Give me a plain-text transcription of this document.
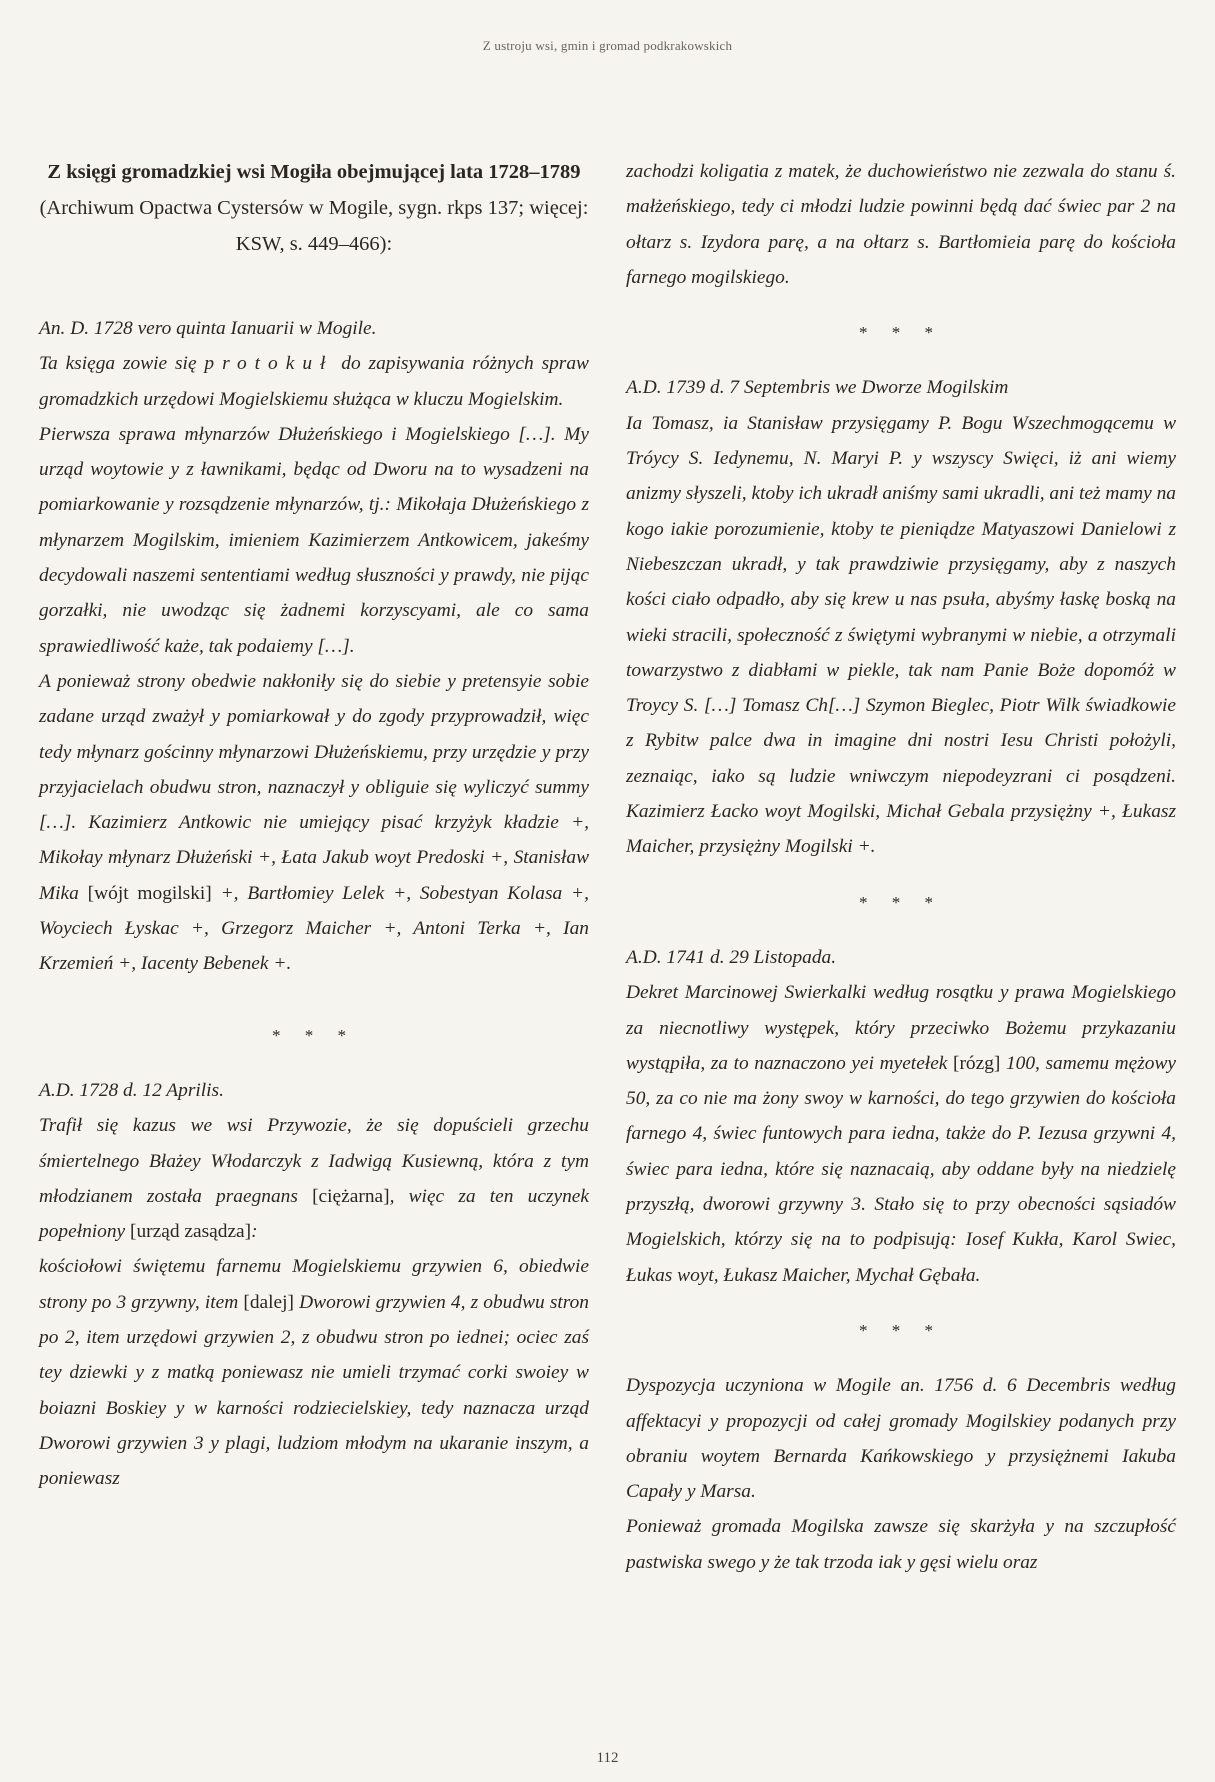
Z ustroju wsi, gmin i gromad podkrakowskich

Z księgi gromadzkiej wsi Mogiła obejmującej lata 1728–1789 (Archiwum Opactwa Cystersów w Mogile, sygn. rkps 137; więcej: KSW, s. 449–466):

An. D. 1728 vero quinta Ianuarii w Mogile.

Ta księga zowie się protokuł do zapisywania różnych spraw gromadzkich urzędowi Mogielskiemu służąca w kluczu Mogielskim.

Pierwsza sprawa młynarzów Dłużeńskiego i Mogielskiego […]. My urząd woytowie y z ławnikami, będąc od Dworu na to wysadzeni na pomiarkowanie y rozsądzenie młynarzów, tj.: Mikołaja Dłużeńskiego z młynarzem Mogilskim, imieniem Kazimierzem Antkowicem, jakeśmy decydowali naszemi sententiami według słuszności y prawdy, nie pijąc gorzałki, nie uwodząc się żadnemi korzyscyami, ale co sama sprawiedliwość każe, tak podaiemy […].

A ponieważ strony obedwie nakłoniły się do siebie y pretensyie sobie zadane urząd zważył y pomiarkował y do zgody przyprowadził, więc tedy młynarz gościnny młynarzowi Dłużeńskiemu, przy urzędzie y przy przyjacielach obudwu stron, naznaczył y obliguie się wyliczyć summy […]. Kazimierz Antkowic nie umiejący pisać krzyżyk kładzie +, Mikołay młynarz Dłużeński +, Łata Jakub woyt Predoski +, Stanisław Mika [wójt mogilski] +, Bartłomiey Lelek +, Sobestyan Kolasa +, Woyciech Łyskac +, Grzegorz Maicher +, Antoni Terka +, Ian Krzemień +, Iacenty Bebenek +.

* * *

A.D. 1728 d. 12 Aprilis.

Trafił się kazus we wsi Przywozie, że się dopuścieli grzechu śmiertelnego Błażey Włodarczyk z Iadwigą Kusiewną, która z tym młodzianem została praegnans [ciężarna], więc za ten uczynek popełniony [urząd zasądza]:

kościołowi świętemu farnemu Mogielskiemu grzywien 6, obiedwie strony po 3 grzywny, item [dalej] Dworowi grzywien 4, z obudwu stron po 2, item urzędowi grzywien 2, z obudwu stron po iednei; ociec zaś tey dziewki y z matką poniewasz nie umieli trzymać corki swoiey w boiazni Boskiey y w karności rodziecielskiey, tedy naznacza urząd Dworowi grzywien 3 y plagi, ludziom młodym na ukaranie inszym, a poniewasz

zachodzi koligatia z matek, że duchowieństwo nie zezwala do stanu ś. małżeńskiego, tedy ci młodzi ludzie powinni będą dać świec par 2 na ołtarz s. Izydora parę, a na ołtarz s. Bartłomieia parę do kościoła farnego mogilskiego.

* * *

A.D. 1739 d. 7 Septembris we Dworze Mogilskim

Ia Tomasz, ia Stanisław przysięgamy P. Bogu Wszechmogącemu w Tróycy S. Iedynemu, N. Maryi P. y wszyscy Swięci, iż ani wiemy anizmy słyszeli, ktoby ich ukradł aniśmy sami ukradli, ani też mamy na kogo iakie porozumienie, ktoby te pieniądze Matyaszowi Danielowi z Niebeszczan ukradł, y tak prawdziwie przysięgamy, aby z naszych kości ciało odpadło, aby się krew u nas psuła, abyśmy łaskę boską na wieki stracili, społeczność z świętymi wybranymi w niebie, a otrzymali towarzystwo z diabłami w piekle, tak nam Panie Boże dopomóż w Troycy S. […] Tomasz Ch[…] Szymon Bieglec, Piotr Wilk świadkowie z Rybitw palce dwa in imagine dni nostri Iesu Christi położyli, zeznaiąc, iako są ludzie wniwczym niepodeyzrani ci posądzeni. Kazimierz Łacko woyt Mogilski, Michał Gebala przysiężny +, Łukasz Maicher, przysiężny Mogilski +.

* * *

A.D. 1741 d. 29 Listopada.

Dekret Marcinowej Swierkalki według rosątku y prawa Mogielskiego za niecnotliwy występek, który przeciwko Bożemu przykazaniu wystąpiła, za to naznaczono yei myetełek [rózg] 100, samemu mężowy 50, za co nie ma żony swoy w karności, do tego grzywien do kościoła farnego 4, świec funtowych para iedna, także do P. Iezusa grzywni 4, świec para iedna, które się naznacaią, aby oddane były na niedzielę przyszłą, dworowi grzywny 3. Stało się to przy obecności sąsiadów Mogielskich, którzy się na to podpisują: Iosef Kukła, Karol Swiec, Łukas woyt, Łukasz Maicher, Mychał Gębała.

* * *

Dyspozycja uczyniona w Mogile an. 1756 d. 6 Decembris według affektacyi y propozycji od całej gromady Mogilskiey podanych przy obraniu woytem Bernarda Kańkowskiego y przysiężnemi Iakuba Capały y Marsa.

Ponieważ gromada Mogilska zawsze się skarżyła y na szczupłość pastwiska swego y że tak trzoda iak y gęsi wielu oraz

112
